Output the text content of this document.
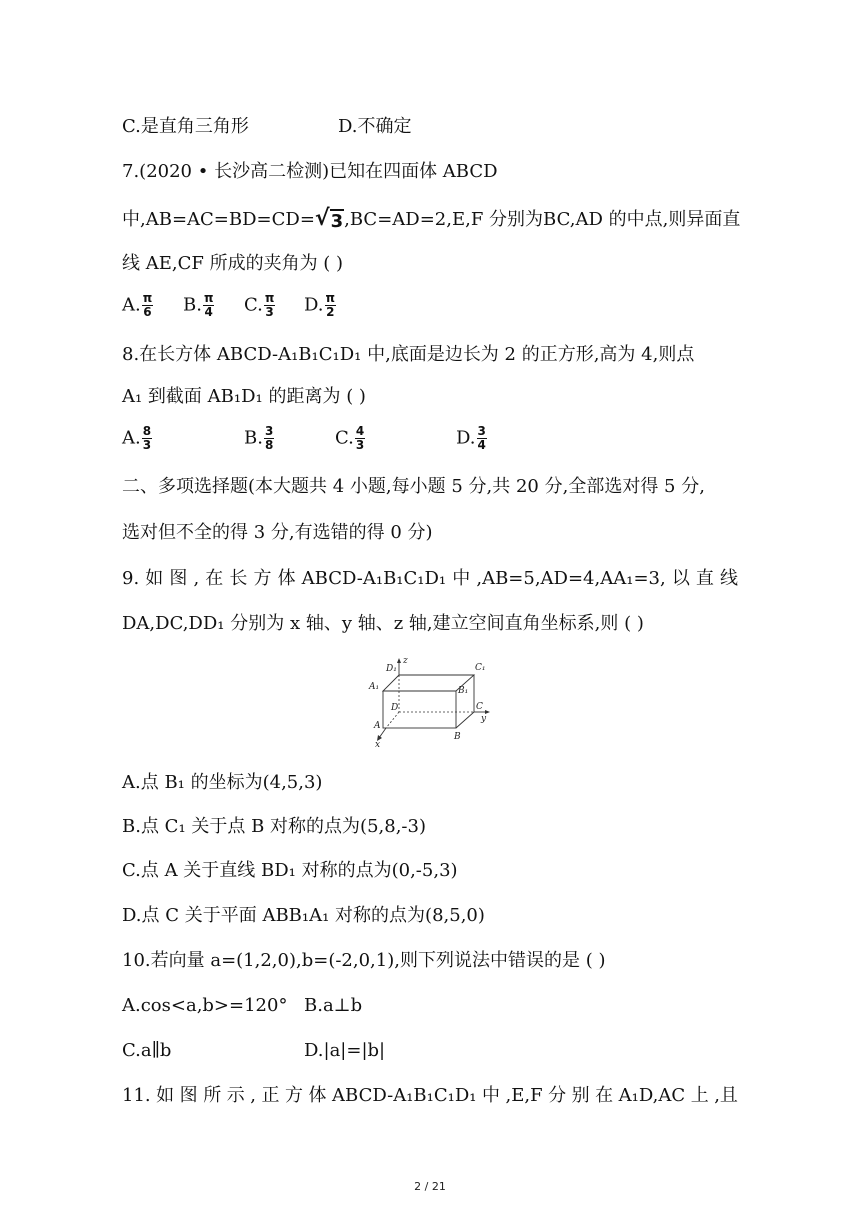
C.是直角三角形	D.不确定
7.(2020 • 长沙高二检测)已知在四面体 ABCD
中,AB=AC=BD=CD= √ 3 ,BC=AD=2,E,F 分别为BC,AD 的中点,则异面直
线 AE,CF 所成的夹角为 ( )
A. $\frac{\pi}{6} B$. $\frac{\pi}{4} C$. $\frac{\pi}{3} D$. $\frac{\pi}{2}$
8.在长方体 ABCD-A₁B₁C₁D₁ 中,底面是边长为 2 的正方形,高为 4,则点
A₁ 到截面 AB₁D₁ 的距离为 ( )
A. $\frac{8}{3}$	B. $\frac{3}{8}$	C. $\frac{4}{3}$	D. $\frac{3}{4}$
二、多项选择题(本大题共 4 小题,每小题 5 分,共 20 分,全部选对得 5 分,
选对但不全的得 3 分,有选错的得 0 分)
9. 如 图 , 在 长 方 体 ABCD-A₁B₁C₁D₁ 中 ,AB=5,AD=4,AA₁=3, 以 直 线
DA,DC,DD₁ 分别为 x 轴、y 轴、z 轴,建立空间直角坐标系,则 ( )
D₁
z
C₁
A₁	B₁
D	C
y
A
B
x
A.点 B₁ 的坐标为(4,5,3)
B.点 C₁ 关于点 B 对称的点为(5,8,-3)
C.点 A 关于直线 BD₁ 对称的点为(0,-5,3)
D.点 C 关于平面 ABB₁A₁ 对称的点为(8,5,0)
10.若向量 a=(1,2,0),b=(-2,0,1),则下列说法中错误的是 ( )
A.cos<a,b>=120° B.a⊥b
C.a∥b	D.|a|=|b|
11. 如 图 所 示 , 正 方 体 ABCD-A₁B₁C₁D₁ 中 ,E,F 分 别 在 A₁D,AC 上 ,且
2 / 21
